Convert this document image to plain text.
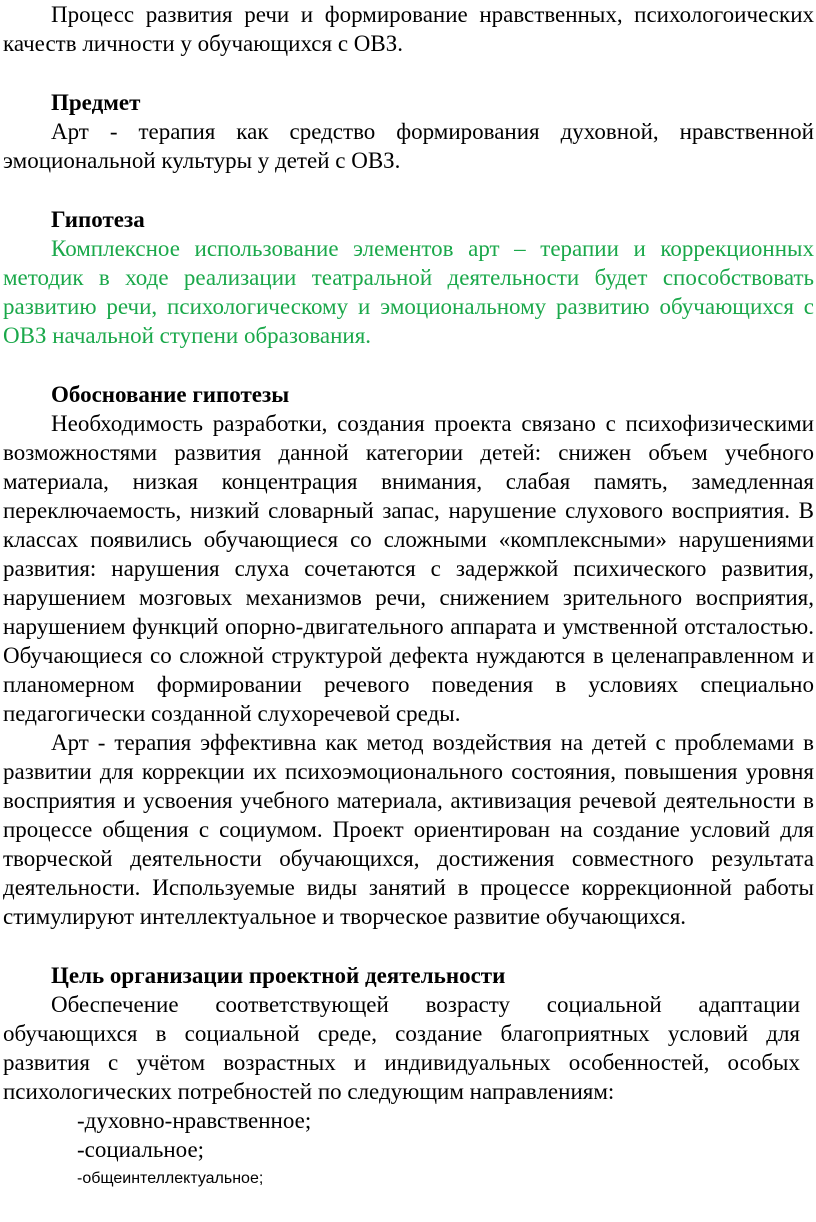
Процесс развития речи и формирование нравственных, психологоических качеств личности у обучающихся с ОВЗ.

Предмет

Арт - терапия как средство формирования духовной, нравственной эмоциональной культуры у детей с ОВЗ.

Гипотеза

Комплексное использование элементов арт – терапии и коррекционных методик в ходе реализации театральной деятельности будет способствовать развитию речи, психологическому и эмоциональному развитию обучающихся с ОВЗ начальной ступени образования.

Обоснование гипотезы

Необходимость разработки, создания проекта связано с психофизическими возможностями развития данной категории детей: снижен объем учебного материала, низкая концентрация внимания, слабая память, замедленная переключаемость, низкий словарный запас, нарушение слухового восприятия. В классах появились обучающиеся со сложными «комплексными» нарушениями развития: нарушения слуха сочетаются с задержкой психического развития, нарушением мозговых механизмов речи, снижением зрительного восприятия, нарушением функций опорно-двигательного аппарата и умственной отсталостью. Обучающиеся со сложной структурой дефекта нуждаются в целенаправленном и планомерном формировании речевого поведения в условиях специально педагогически созданной слухоречевой среды.

Арт - терапия эффективна как метод воздействия на детей с проблемами в развитии для коррекции их психоэмоционального состояния, повышения уровня восприятия и усвоения учебного материала, активизация речевой деятельности в процессе общения с социумом. Проект ориентирован на создание условий для творческой деятельности обучающихся, достижения совместного результата деятельности. Используемые виды занятий в процессе коррекционной работы стимулируют интеллектуальное и творческое развитие обучающихся.

Цель организации проектной деятельности

Обеспечение соответствующей возрасту социальной адаптации обучающихся в социальной среде, создание благоприятных условий для развития с учётом возрастных и индивидуальных особенностей, особых психологических потребностей по следующим направлениям:

-духовно-нравственное;

-социальное;

-общеинтеллектуальное;
